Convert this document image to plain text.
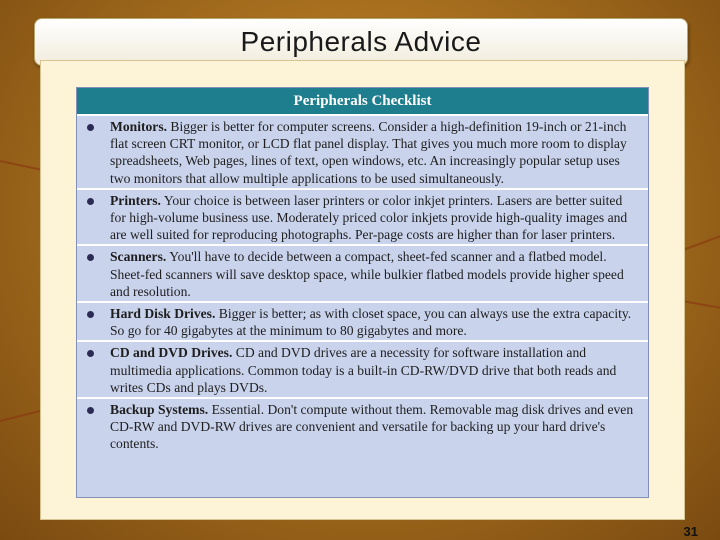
Peripherals Advice
Peripherals Checklist
Monitors. Bigger is better for computer screens. Consider a high-definition 19-inch or 21-inch flat screen CRT monitor, or LCD flat panel display. That gives you much more room to display spreadsheets, Web pages, lines of text, open windows, etc. An increasingly popular setup uses two monitors that allow multiple applications to be used simultaneously.
Printers. Your choice is between laser printers or color inkjet printers. Lasers are better suited for high-volume business use. Moderately priced color inkjets provide high-quality images and are well suited for reproducing photographs. Per-page costs are higher than for laser printers.
Scanners. You'll have to decide between a compact, sheet-fed scanner and a flatbed model. Sheet-fed scanners will save desktop space, while bulkier flatbed models provide higher speed and resolution.
Hard Disk Drives. Bigger is better; as with closet space, you can always use the extra capacity. So go for 40 gigabytes at the minimum to 80 gigabytes and more.
CD and DVD Drives. CD and DVD drives are a necessity for software installation and multimedia applications. Common today is a built-in CD-RW/DVD drive that both reads and writes CDs and plays DVDs.
Backup Systems. Essential. Don't compute without them. Removable mag disk drives and even CD-RW and DVD-RW drives are convenient and versatile for backing up your hard drive's contents.
31
